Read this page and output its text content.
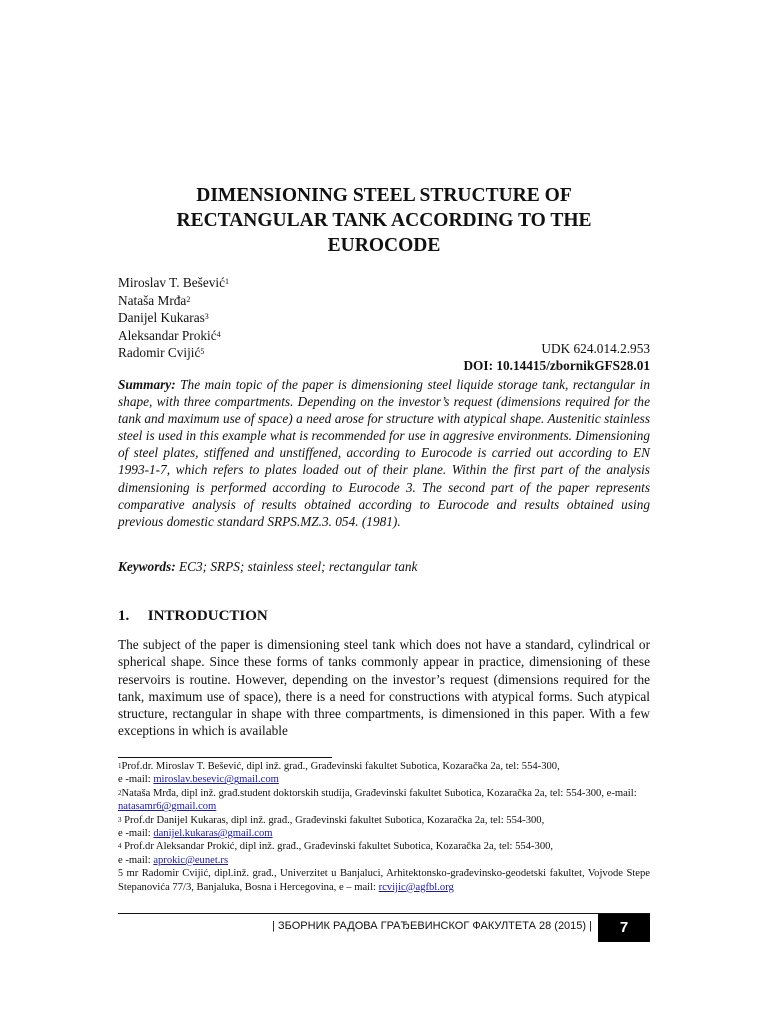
DIMENSIONING STEEL STRUCTURE OF
RECTANGULAR TANK ACCORDING TO THE
EUROCODE
Miroslav T. Bešević$^1$
Nataša Mrđa$^2$
Danijel Kukaras$^3$
Aleksandar Prokić$^4$
Radomir Cvijić$^5$	UDK 624.014.2.953
DOI: 10.14415/zbornikGFS28.01
Summary: The main topic of the paper is dimensioning steel liquide storage tank, rectangular in shape, with three compartments. Depending on the investor’s request (dimensions required for the tank and maximum use of space) a need arose for structure with atypical shape. Austenitic stainless steel is used in this example what is recommended for use in aggresive environments. Dimensioning of steel plates, stiffened and unstiffened, according to Eurocode is carried out according to EN 1993-1-7, which refers to plates loaded out of their plane. Within the first part of the analysis dimensioning is performed according to Eurocode 3. The second part of the paper represents comparative analysis of results obtained according to Eurocode and results obtained using previous domestic standard SRPS.MZ.3. 054. (1981).
Keywords: EC3; SRPS; stainless steel; rectangular tank
1. INTRODUCTION
The subject of the paper is dimensioning steel tank which does not have a standard, cylindrical or spherical shape. Since these forms of tanks commonly appear in practice, dimensioning of these reservoirs is routine. However, depending on the investor’s request (dimensions required for the tank, maximum use of space), there is a need for constructions with atypical forms. Such atypical structure, rectangular in shape with three compartments, is dimensioned in this paper. With a few exceptions in which is available

$^1$Prof.dr. Miroslav T. Bešević, dipl inž. građ., Građevinski fakultet Subotica, Kozaračka 2a, tel: 554-300,
e -mail: miroslav.besevic@gmail.com

$^2$Nataša Mrđa, dipl inž. građ.student doktorskih studija, Građevinski fakultet Subotica, Kozaračka 2a, tel: 554-300, e-mail: natasamr6@gmail.com

$^3$ Prof.dr Danijel Kukaras, dipl inž. građ., Građevinski fakultet Subotica, Kozaračka 2a, tel: 554-300,
e -mail: danijel.kukaras@gmail.com

$^4$ Prof.dr Aleksandar Prokić, dipl inž. građ., Građevinski fakultet Subotica, Kozaračka 2a, tel: 554-300,
e -mail: aprokic@eunet.rs

5 mr Radomir Cvijić, dipl.inž. građ., Univerzitet u Banjaluci, Arhitektonsko-građevinsko-geodetski fakultet, Vojvode Stepe Stepanovića 77/3, Banjaluka, Bosna i Hercegovina, e – mail: rcvijic@agfbl.org

| ЗБОРНИК РАДОВА ГРАЂЕВИНСКОГ ФАКУЛТЕТА 28 (2015) |	7
